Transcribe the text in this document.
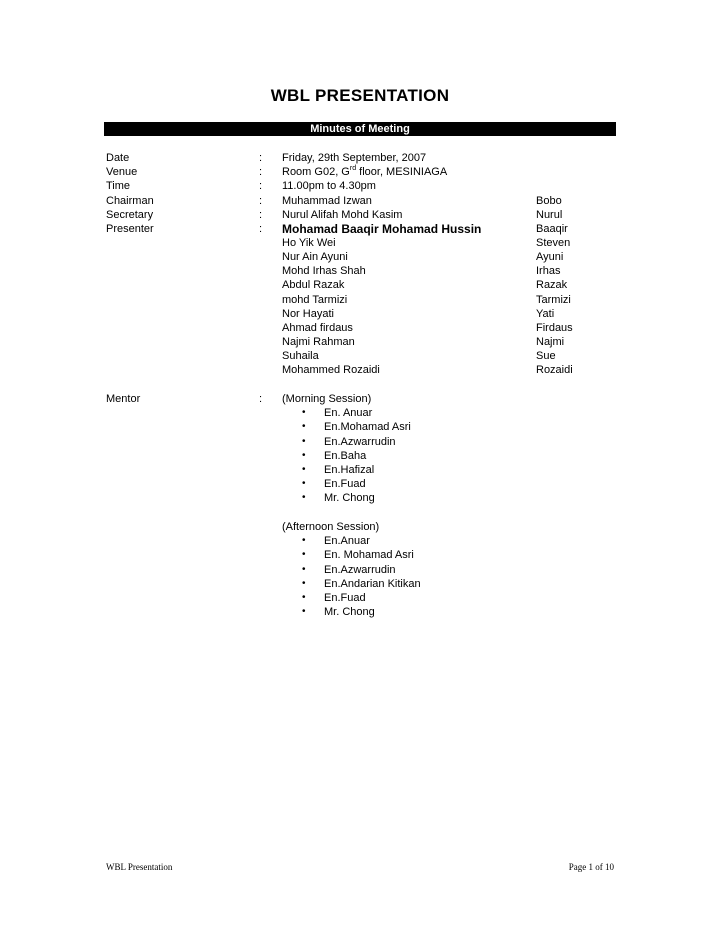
WBL PRESENTATION
Minutes of Meeting
Date	: Friday, 29th September, 2007
Venue	: Room G02, $G^{rd}$ floor, MESINIAGA
Time	: 11.00pm to 4.30pm
Chairman	: Muhammad Izwan	Bobo
Secretary	: Nurul Alifah Mohd Kasim	Nurul
Presenter	: Mohamad Baaqir Mohamad Hussin	Baaqir
Ho Yik Wei	Steven
Nur Ain Ayuni	Ayuni
Mohd Irhas Shah	Irhas
Abdul Razak	Razak
mohd Tarmizi	Tarmizi
Nor Hayati	Yati
Ahmad firdaus	Firdaus
Najmi Rahman	Najmi
Suhaila	Sue
Mohammed Rozaidi	Rozaidi
Mentor	: (Morning Session)
• En. Anuar
• En.Mohamad Asri
• En.Azwarrudin
• En.Baha
• En.Hafizal
• En.Fuad
• Mr. Chong
(Afternoon Session)
• En.Anuar
• En. Mohamad Asri
• En.Azwarrudin
• En.Andarian Kitikan
• En.Fuad
• Mr. Chong
WBL Presentation	Page 1 of 10
